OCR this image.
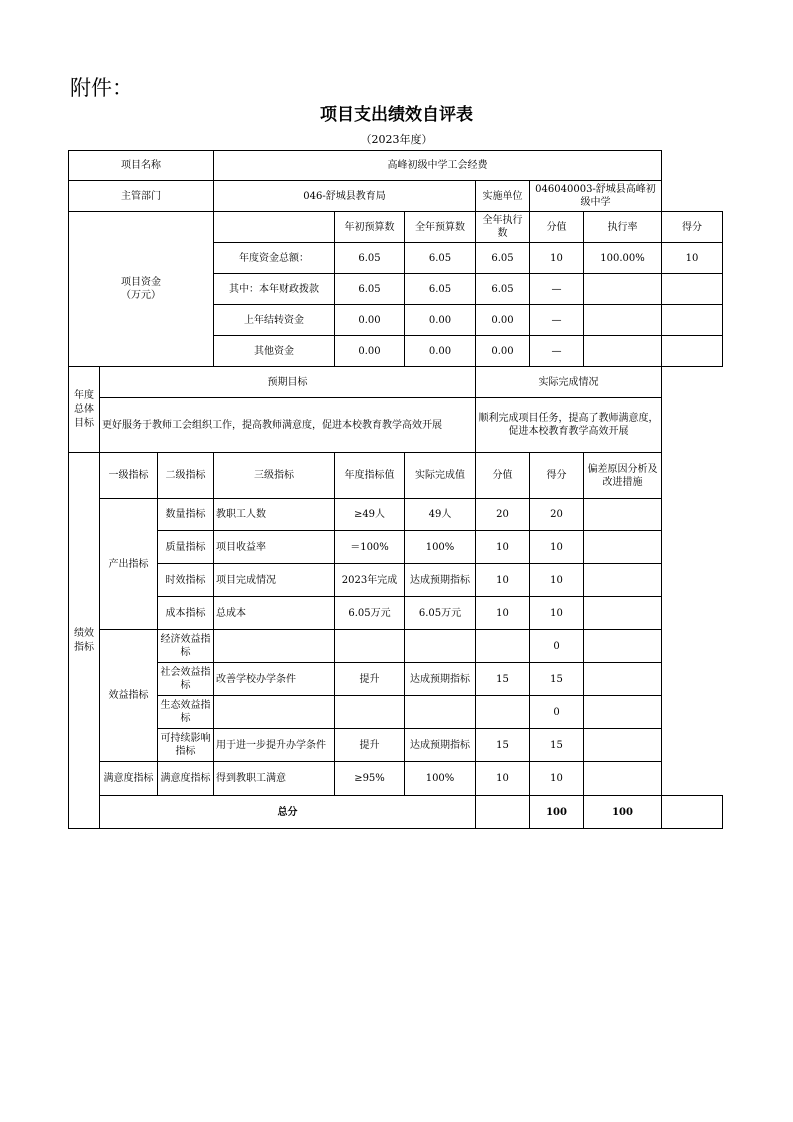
附件：
项目支出绩效自评表
（2023年度）
项目名称			高峰初级中学工会经费						
主管部门			046-舒城县教育局			实施单位	046040003-舒城县高峰初级中学		
项目资金
（万元）				年初预算数	全年预算数	全年执行数	分值	执行率	得分
			年度资金总额：	6.05	6.05	6.05	10	100.00%	10
			其中：本年财政拨款	6.05	6.05	6.05	—		
			上年结转资金	0.00	0.00	0.00	—		
			其他资金	0.00	0.00	0.00	—		
年度总体目标	预期目标					实际完成情况			
	更好服务于教师工会组织工作，提高教师满意度，促进本校教育教学高效开展					顺利完成项目任务，提高了教师满意度，促进本校教育教学高效开展			
绩效指标	一级指标	二级指标	三级指标	年度指标值	实际完成值	分值	得分	偏差原因分析及改进措施	
	产出指标	数量指标	教职工人数	≥49人	49人	20	20		
		质量指标	项目收益率	＝100%	100%	10	10		
		时效指标	项目完成情况	2023年完成	达成预期指标	10	10		
		成本指标	总成本	6.05万元	6.05万元	10	10		
	效益指标	经济效益指标					0		
		社会效益指标	改善学校办学条件	提升	达成预期指标	15	15		
		生态效益指标					0		
		可持续影响指标	用于进一步提升办学条件	提升	达成预期指标	15	15		
	满意度指标	满意度指标	得到教职工满意	≥95%	100%	10	10		
	总分						100	100	
